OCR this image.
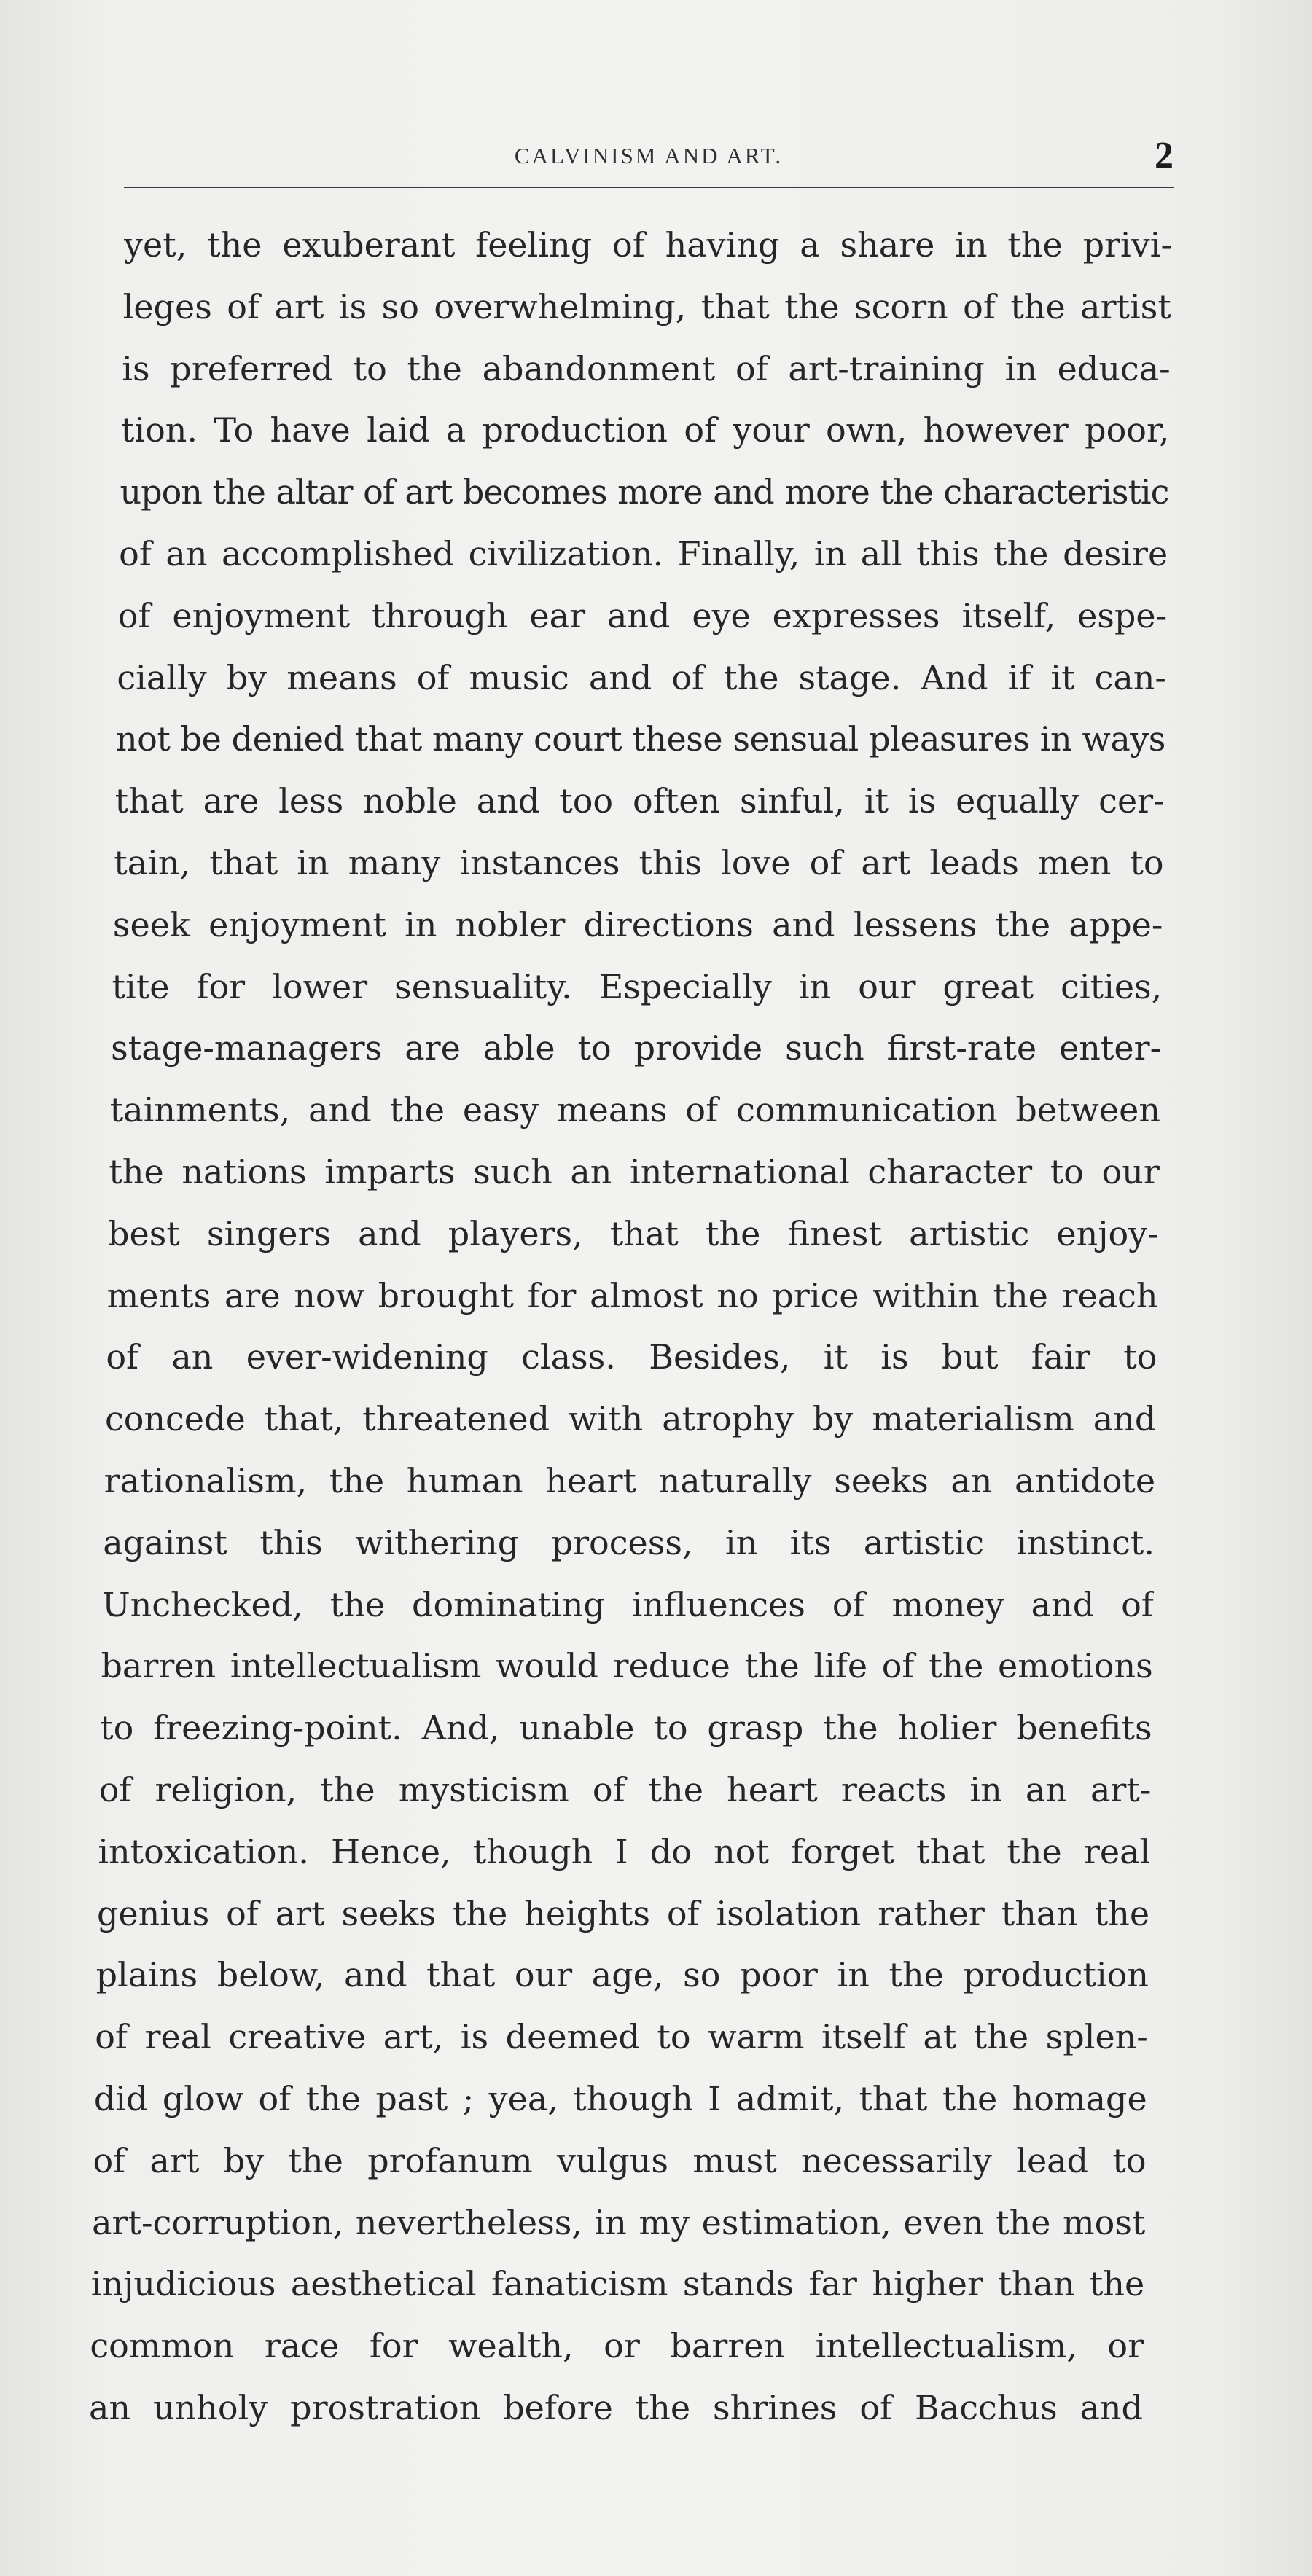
CALVINISM AND ART.	2
yet, the exuberant feeling of having a share in the privi-
leges of art is so overwhelming, that the scorn of the artist
is preferred to the abandonment of art-training in educa-
tion. To have laid a production of your own, however poor,
upon the altar of art becomes more and more the characteristic
of an accomplished civilization. Finally, in all this the desire
of enjoyment through ear and eye expresses itself, espe-
cially by means of music and of the stage. And if it can-
not be denied that many court these sensual pleasures in ways
that are less noble and too often sinful, it is equally cer-
tain, that in many instances this love of art leads men to
seek enjoyment in nobler directions and lessens the appe-
tite for lower sensuality. Especially in our great cities,
stage-managers are able to provide such first-rate enter-
tainments, and the easy means of communication between
the nations imparts such an international character to our
best singers and players, that the finest artistic enjoy-
ments are now brought for almost no price within the reach
of an ever-widening class. Besides, it is but fair to
concede that, threatened with atrophy by materialism and
rationalism, the human heart naturally seeks an antidote
against this withering process, in its artistic instinct.
Unchecked, the dominating influences of money and of
barren intellectualism would reduce the life of the emotions
to freezing-point. And, unable to grasp the holier benefits
of religion, the mysticism of the heart reacts in an art-
intoxication. Hence, though I do not forget that the real
genius of art seeks the heights of isolation rather than the
plains below, and that our age, so poor in the production
of real creative art, is deemed to warm itself at the splen-
did glow of the past ; yea, though I admit, that the homage
of art by the profanum vulgus must necessarily lead to
art-corruption, nevertheless, in my estimation, even the most
injudicious aesthetical fanaticism stands far higher than the
common race for wealth, or barren intellectualism, or
an unholy prostration before the shrines of Bacchus and
